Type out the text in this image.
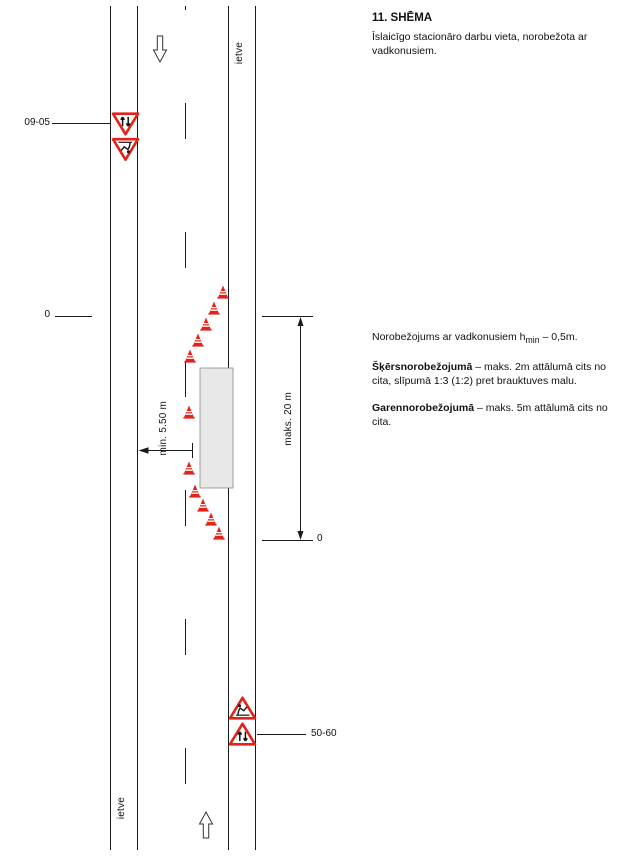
09-05
0
0
50-60
ietve
ietve
maks. 20 m
min. 5.50 m
11. SHĒMA
Īslaicīgo stacionāro darbu vieta, norobežota ar vadkonusiem.

Norobežojums ar vadkonusiem $h_{min} - 0,5m$.

Šķērsnorobežojumā – maks. 2m attālumā cits no cita, slīpumā 1:3 (1:2) pret brauktuves malu.

Garennorobežojumā – maks. 5m attālumā cits no cita.
